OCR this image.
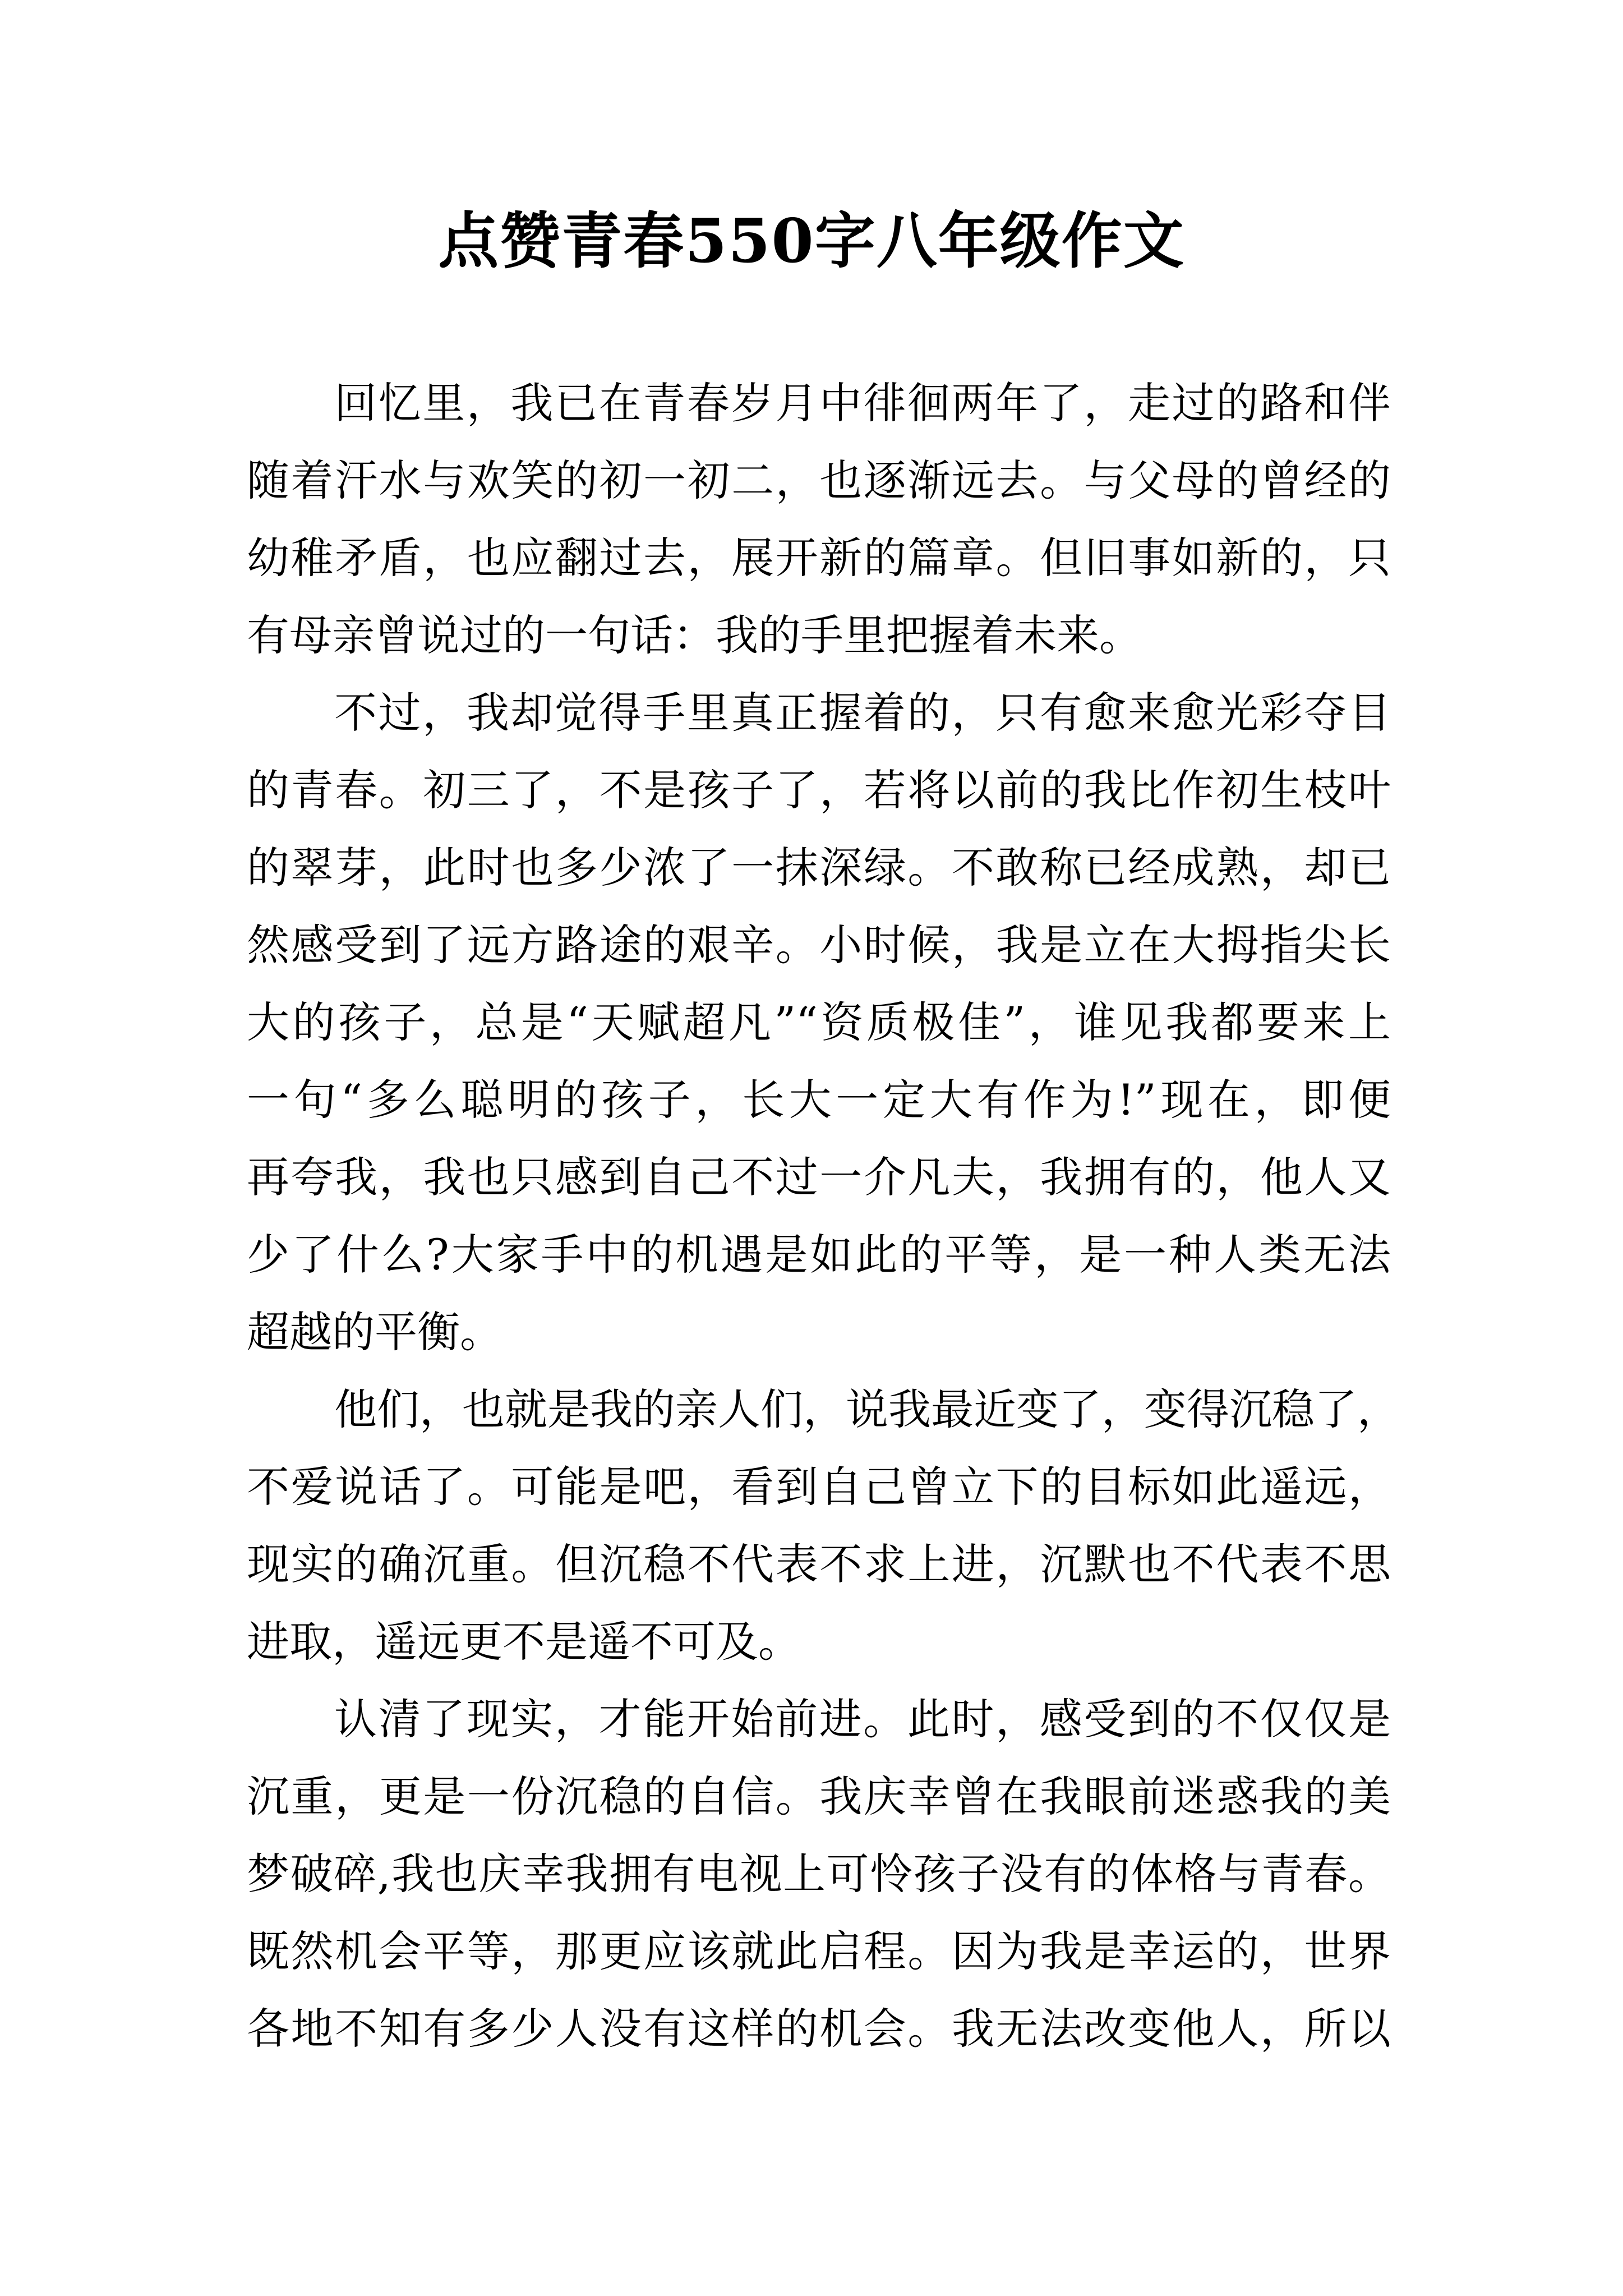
点赞青春550字八年级作文
回忆里，我已在青春岁月中徘徊两年了，走过的路和伴
随着汗水与欢笑的初一初二，也逐渐远去。与父母的曾经的
幼稚矛盾，也应翻过去，展开新的篇章。但旧事如新的，只
有母亲曾说过的一句话：我的手里把握着未来。
不过，我却觉得手里真正握着的，只有愈来愈光彩夺目
的青春。初三了，不是孩子了，若将以前的我比作初生枝叶
的翠芽，此时也多少浓了一抹深绿。不敢称已经成熟，却已
然感受到了远方路途的艰辛。小时候，我是立在大拇指尖长
大的孩子，总是“天赋超凡”“资质极佳”，谁见我都要来上
一句“多么聪明的孩子，长大一定大有作为!”现在，即便
再夸我，我也只感到自己不过一介凡夫，我拥有的，他人又
少了什么?大家手中的机遇是如此的平等，是一种人类无法
超越的平衡。
他们，也就是我的亲人们，说我最近变了，变得沉稳了，
不爱说话了。可能是吧，看到自己曾立下的目标如此遥远，
现实的确沉重。但沉稳不代表不求上进，沉默也不代表不思
进取，遥远更不是遥不可及。
认清了现实，才能开始前进。此时，感受到的不仅仅是
沉重，更是一份沉稳的自信。我庆幸曾在我眼前迷惑我的美
梦破碎,我也庆幸我拥有电视上可怜孩子没有的体格与青春。
既然机会平等，那更应该就此启程。因为我是幸运的，世界
各地不知有多少人没有这样的机会。我无法改变他人，所以
